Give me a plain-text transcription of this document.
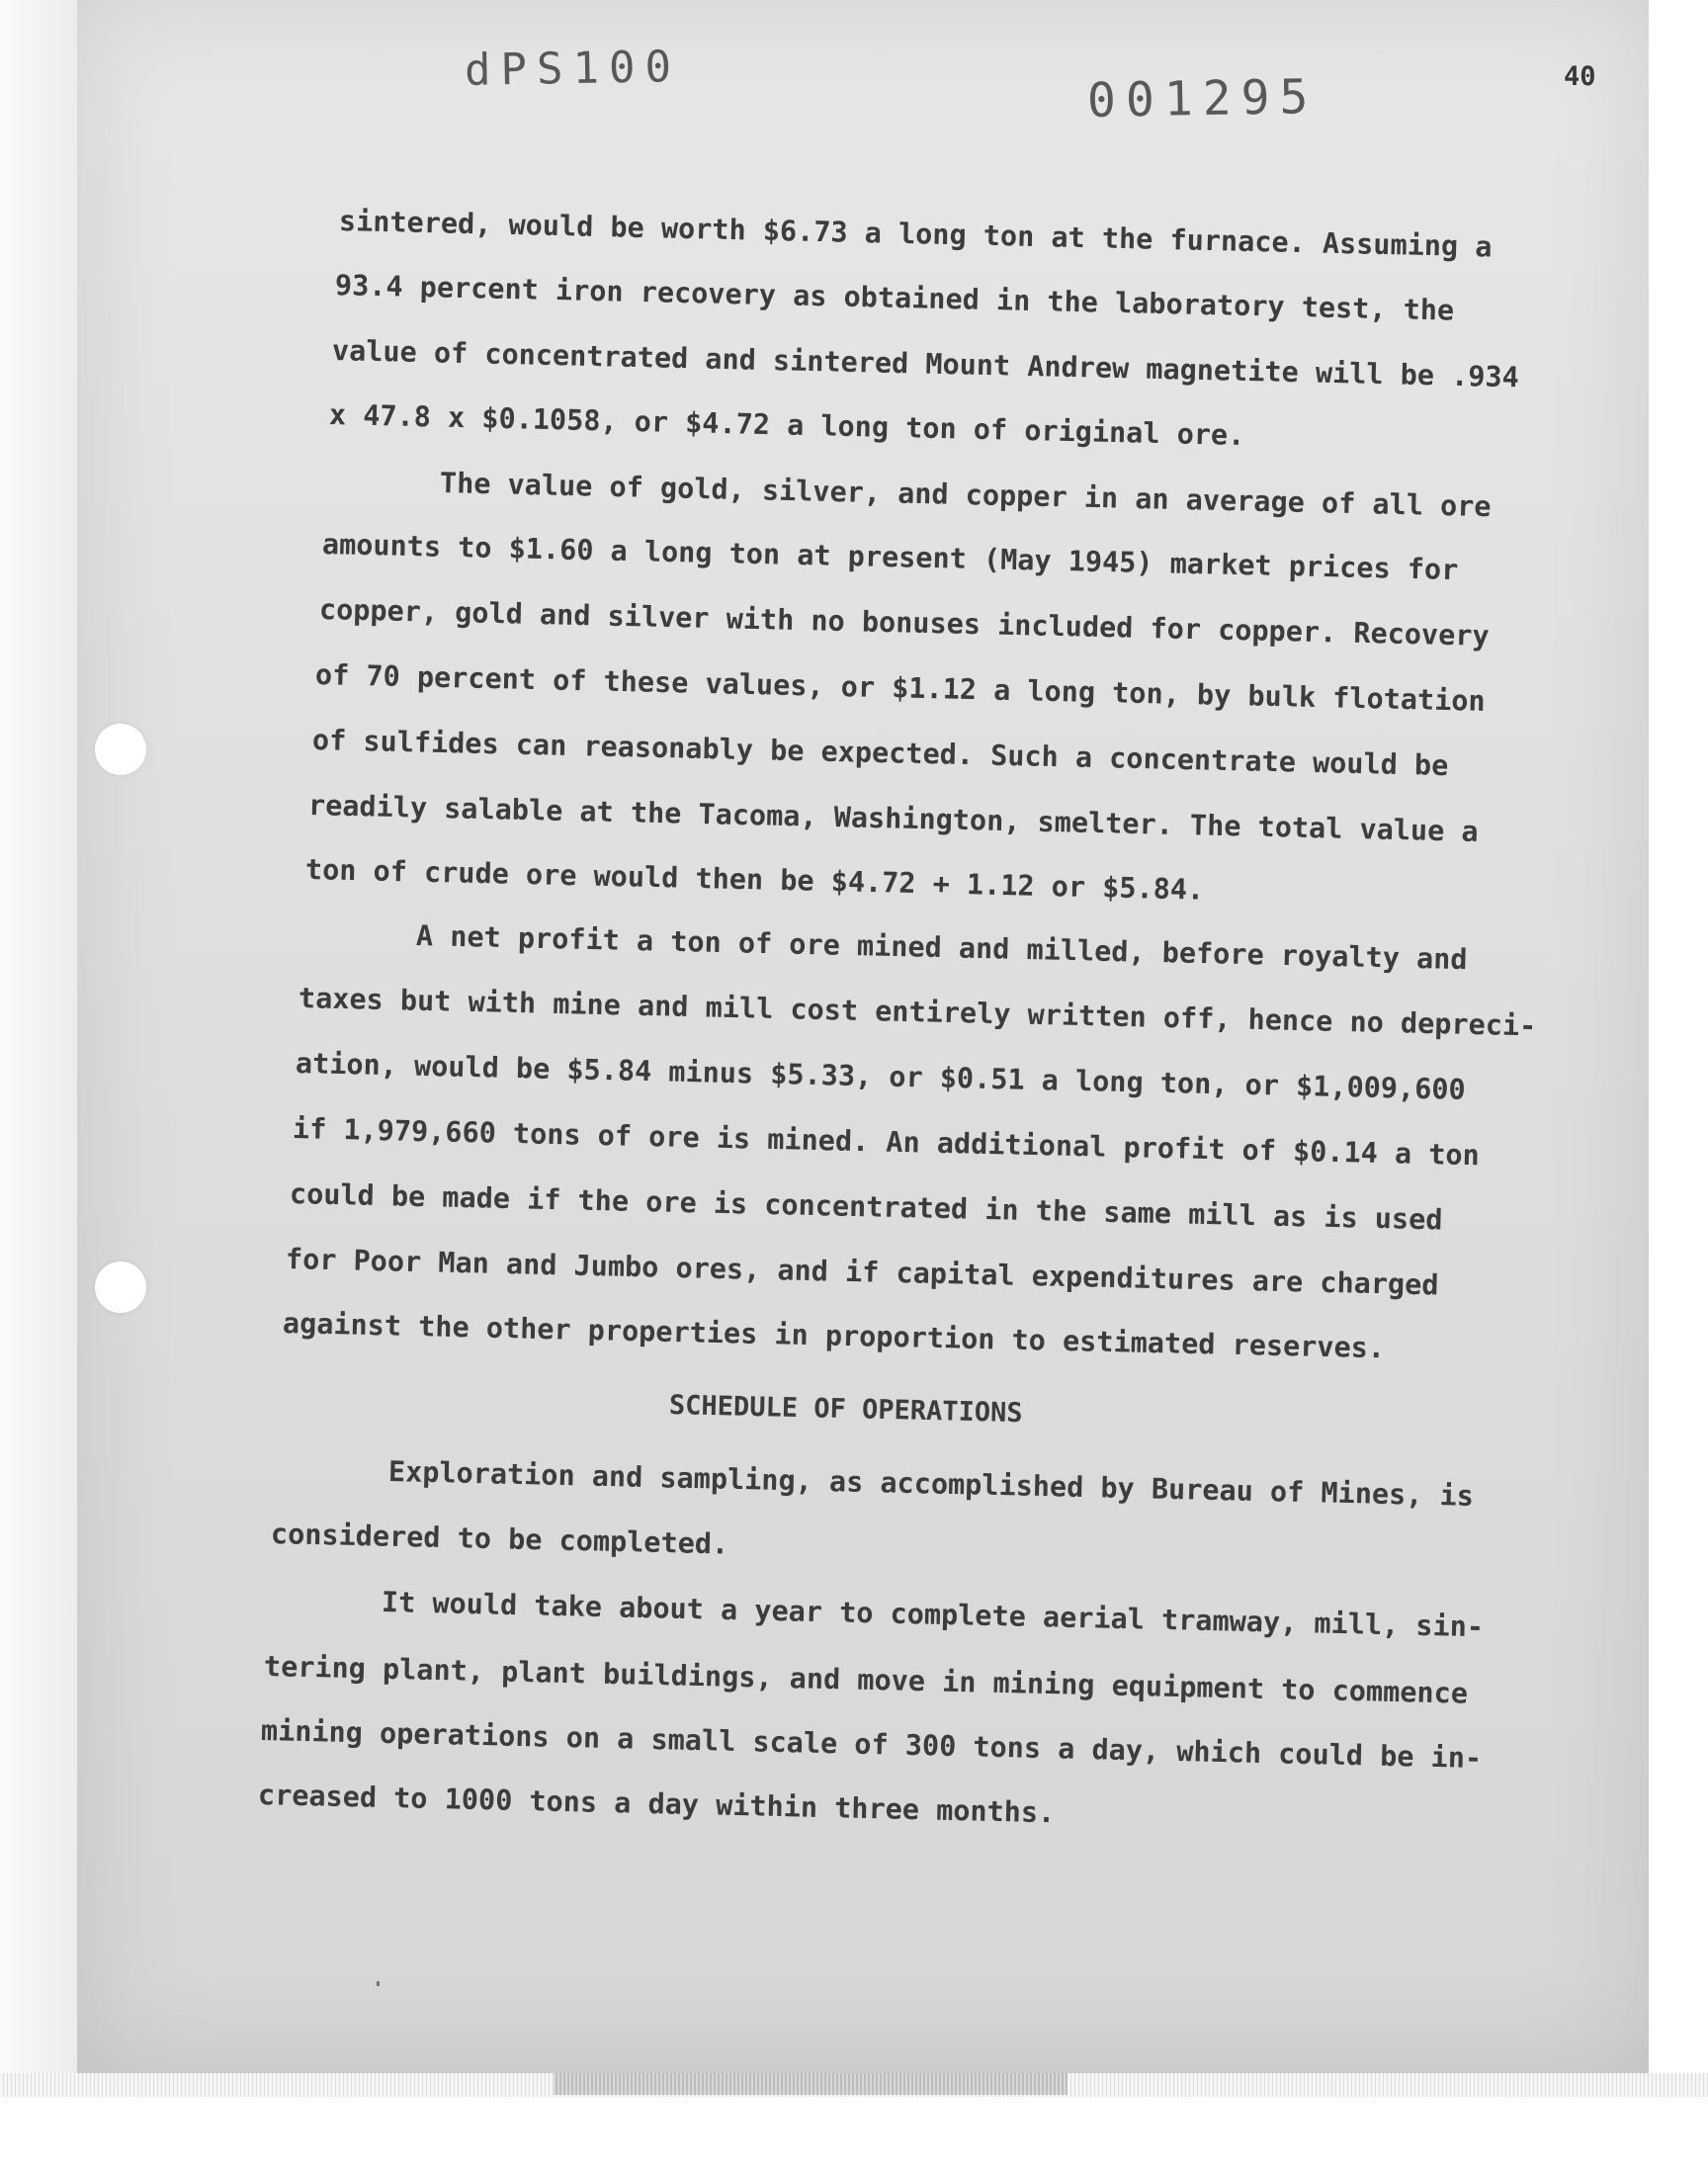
dPS100
001295	40
sintered, would be worth $6.73 a long ton at the furnace. Assuming a
93.4 percent iron recovery as obtained in the laboratory test, the
value of concentrated and sintered Mount Andrew magnetite will be .934
x 47.8 x $0.1058, or $4.72 a long ton of original ore.
The value of gold, silver, and copper in an average of all ore
amounts to $1.60 a long ton at present (May 1945) market prices for
copper, gold and silver with no bonuses included for copper. Recovery
of 70 percent of these values, or $1.12 a long ton, by bulk flotation
of sulfides can reasonably be expected. Such a concentrate would be
readily salable at the Tacoma, Washington, smelter. The total value a
ton of crude ore would then be $4.72 + 1.12 or $5.84.
A net profit a ton of ore mined and milled, before royalty and
taxes but with mine and mill cost entirely written off, hence no depreci-
ation, would be $5.84 minus $5.33, or $0.51 a long ton, or $1,009,600
if 1,979,660 tons of ore is mined. An additional profit of $0.14 a ton
could be made if the ore is concentrated in the same mill as is used
for Poor Man and Jumbo ores, and if capital expenditures are charged
against the other properties in proportion to estimated reserves.
SCHEDULE OF OPERATIONS
Exploration and sampling, as accomplished by Bureau of Mines, is
considered to be completed.
It would take about a year to complete aerial tramway, mill, sin-
tering plant, plant buildings, and move in mining equipment to commence
mining operations on a small scale of 300 tons a day, which could be in-
creased to 1000 tons a day within three months.
